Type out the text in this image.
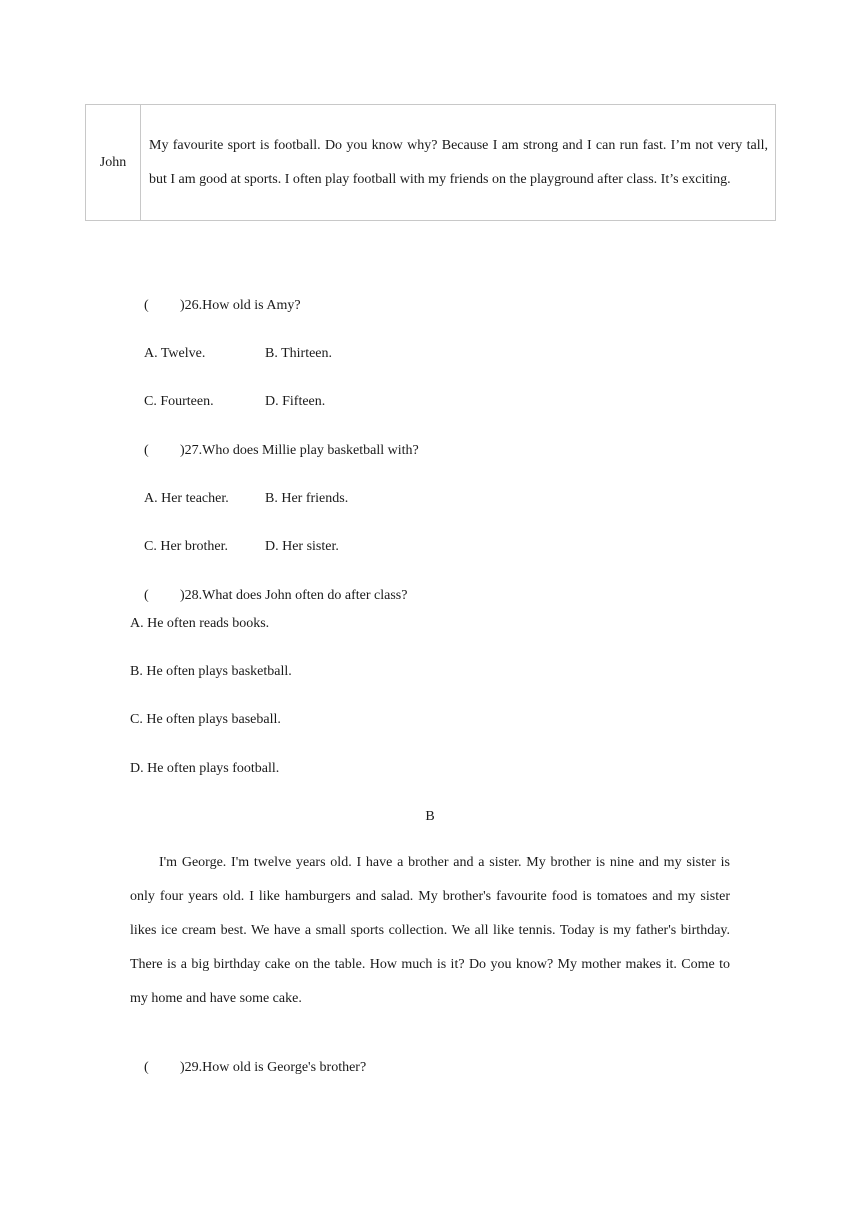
John	My favourite sport is football. Do you know why? Because I am strong and I can run fast. I’m not very tall, but I am good at sports. I often play football with my friends on the playground after class. It’s exciting.

( )26.How old is Amy?

A. Twelve.	B. Thirteen.

C. Fourteen.	D. Fifteen.

( )27.Who does Millie play basketball with?

A. Her teacher.	B. Her friends.

C. Her brother.	D. Her sister.

( )28.What does John often do after class?

A. He often reads books.
B. He often plays basketball.
C. He often plays baseball.
D. He often plays football.
B
I'm George. I'm twelve years old. I have a brother and a sister. My brother is nine and my sister is only four years old. I like hamburgers and salad. My brother's favourite food is tomatoes and my sister likes ice cream best. We have a small sports collection. We all like tennis. Today is my father's birthday. There is a big birthday cake on the table. How much is it? Do you know? My mother makes it. Come to my home and have some cake.

( )29.How old is George's brother?
